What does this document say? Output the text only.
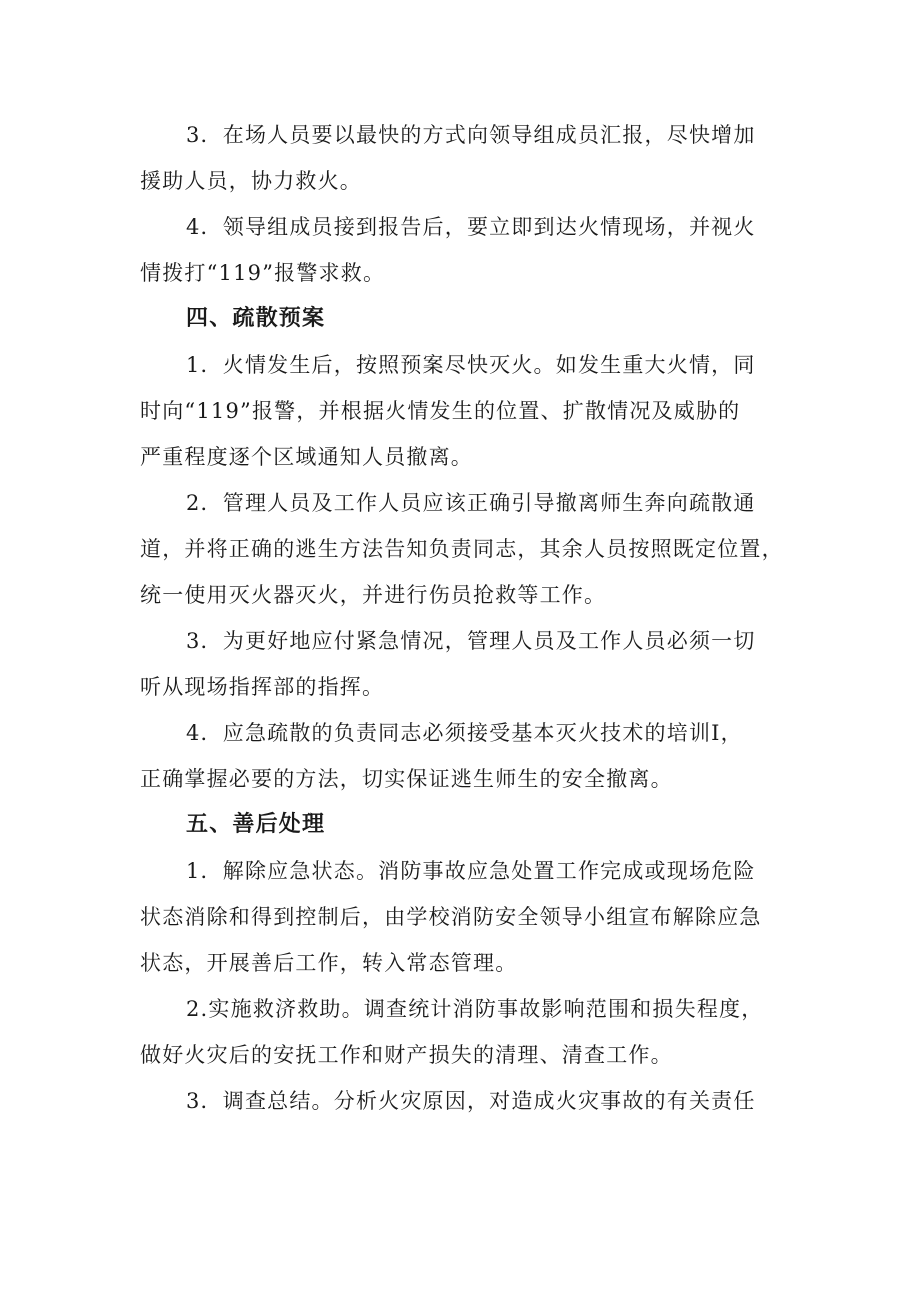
3．在场人员要以最快的方式向领导组成员汇报，尽快增加
援助人员，协力救火。
4．领导组成员接到报告后，要立即到达火情现场，并视火
情拨打“119”报警求救。
四、疏散预案
1．火情发生后，按照预案尽快灭火。如发生重大火情，同
时向“119”报警，并根据火情发生的位置、扩散情况及威胁的
严重程度逐个区域通知人员撤离。
2．管理人员及工作人员应该正确引导撤离师生奔向疏散通
道，并将正确的逃生方法告知负责同志，其余人员按照既定位置，
统一使用灭火器灭火，并进行伤员抢救等工作。
3．为更好地应付紧急情况，管理人员及工作人员必须一切
听从现场指挥部的指挥。
4．应急疏散的负责同志必须接受基本灭火技术的培训I，
正确掌握必要的方法，切实保证逃生师生的安全撤离。
五、善后处理
1．解除应急状态。消防事故应急处置工作完成或现场危险
状态消除和得到控制后，由学校消防安全领导小组宣布解除应急
状态，开展善后工作，转入常态管理。
2.实施救济救助。调查统计消防事故影响范围和损失程度，
做好火灾后的安抚工作和财产损失的清理、清查工作。
3．调查总结。分析火灾原因，对造成火灾事故的有关责任
